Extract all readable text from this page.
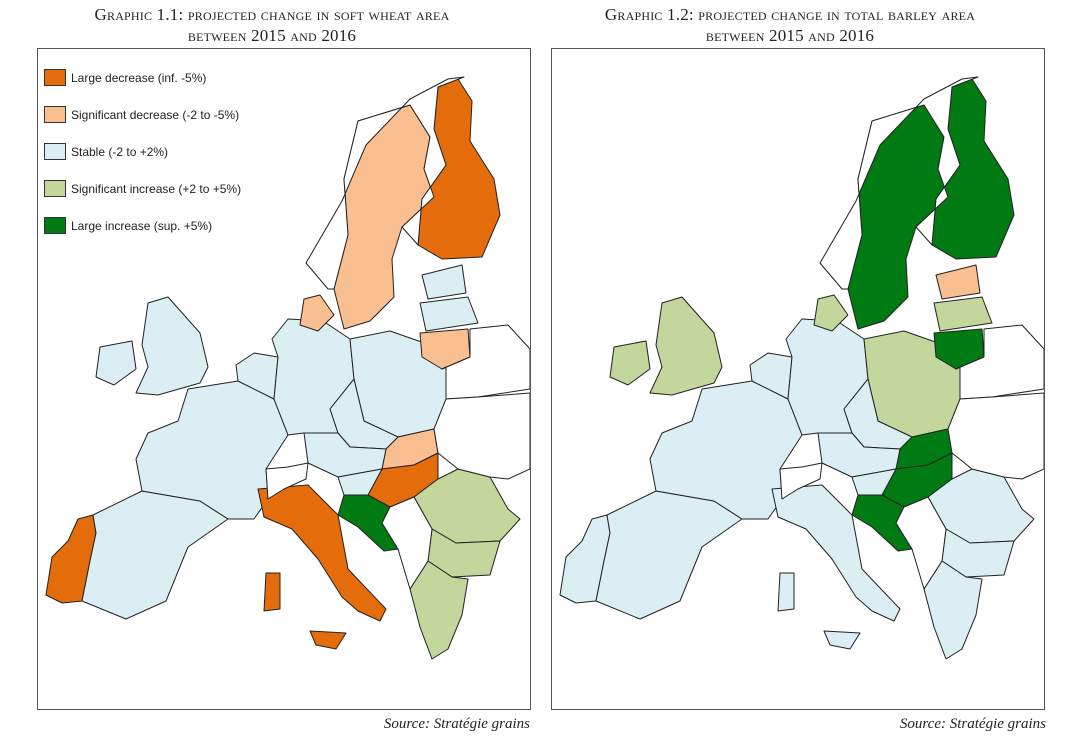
Graphic 1.1: projected change in soft wheat area
between 2015 and 2016
Graphic 1.2: projected change in total barley area
between 2015 and 2016
Large decrease (inf. -5%)
Significant decrease (-2 to -5%)
Stable (-2 to +2%)
Significant increase (+2 to +5%)
Large increase (sup. +5%)
Source: Stratégie grains	Source: Stratégie grains
